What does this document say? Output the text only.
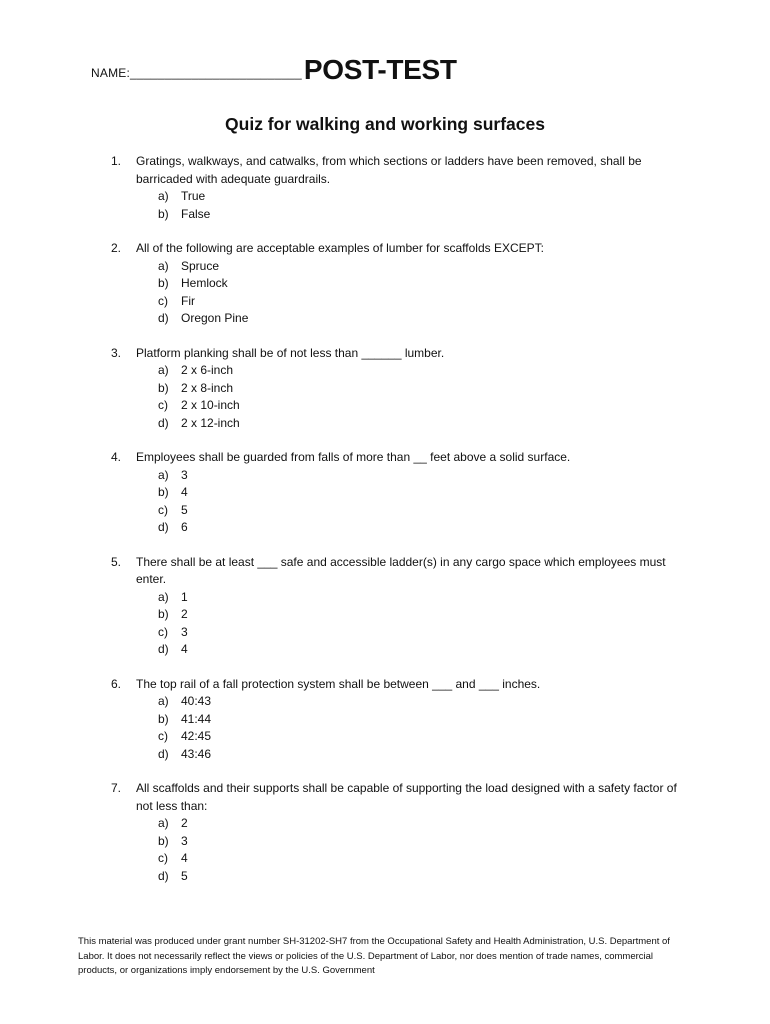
NAME:_________________________ POST-TEST
Quiz for walking and working surfaces
1.	Gratings, walkways, and catwalks, from which sections or ladders have been removed, shall be barricaded with adequate guardrails.
a)	True
b)	False
2.	All of the following are acceptable examples of lumber for scaffolds EXCEPT:
a)	Spruce
b)	Hemlock
c)	Fir
d)	Oregon Pine
3.	Platform planking shall be of not less than ______ lumber.
a)	2 x 6-inch
b)	2 x 8-inch
c)	2 x 10-inch
d)	2 x 12-inch
4.	Employees shall be guarded from falls of more than __ feet above a solid surface.
a)	3
b)	4
c)	5
d)	6
5.	There shall be at least ___ safe and accessible ladder(s) in any cargo space which employees must enter.
a)	1
b)	2
c)	3
d)	4
6.	The top rail of a fall protection system shall be between ___ and ___ inches.
a)	40:43
b)	41:44
c)	42:45
d)	43:46
7.	All scaffolds and their supports shall be capable of supporting the load designed with a safety factor of not less than:
a)	2
b)	3
c)	4
d)	5
This material was produced under grant number SH-31202-SH7 from the Occupational Safety and Health Administration, U.S. Department of Labor. It does not necessarily reflect the views or policies of the U.S. Department of Labor, nor does mention of trade names, commercial products, or organizations imply endorsement by the U.S. Government
